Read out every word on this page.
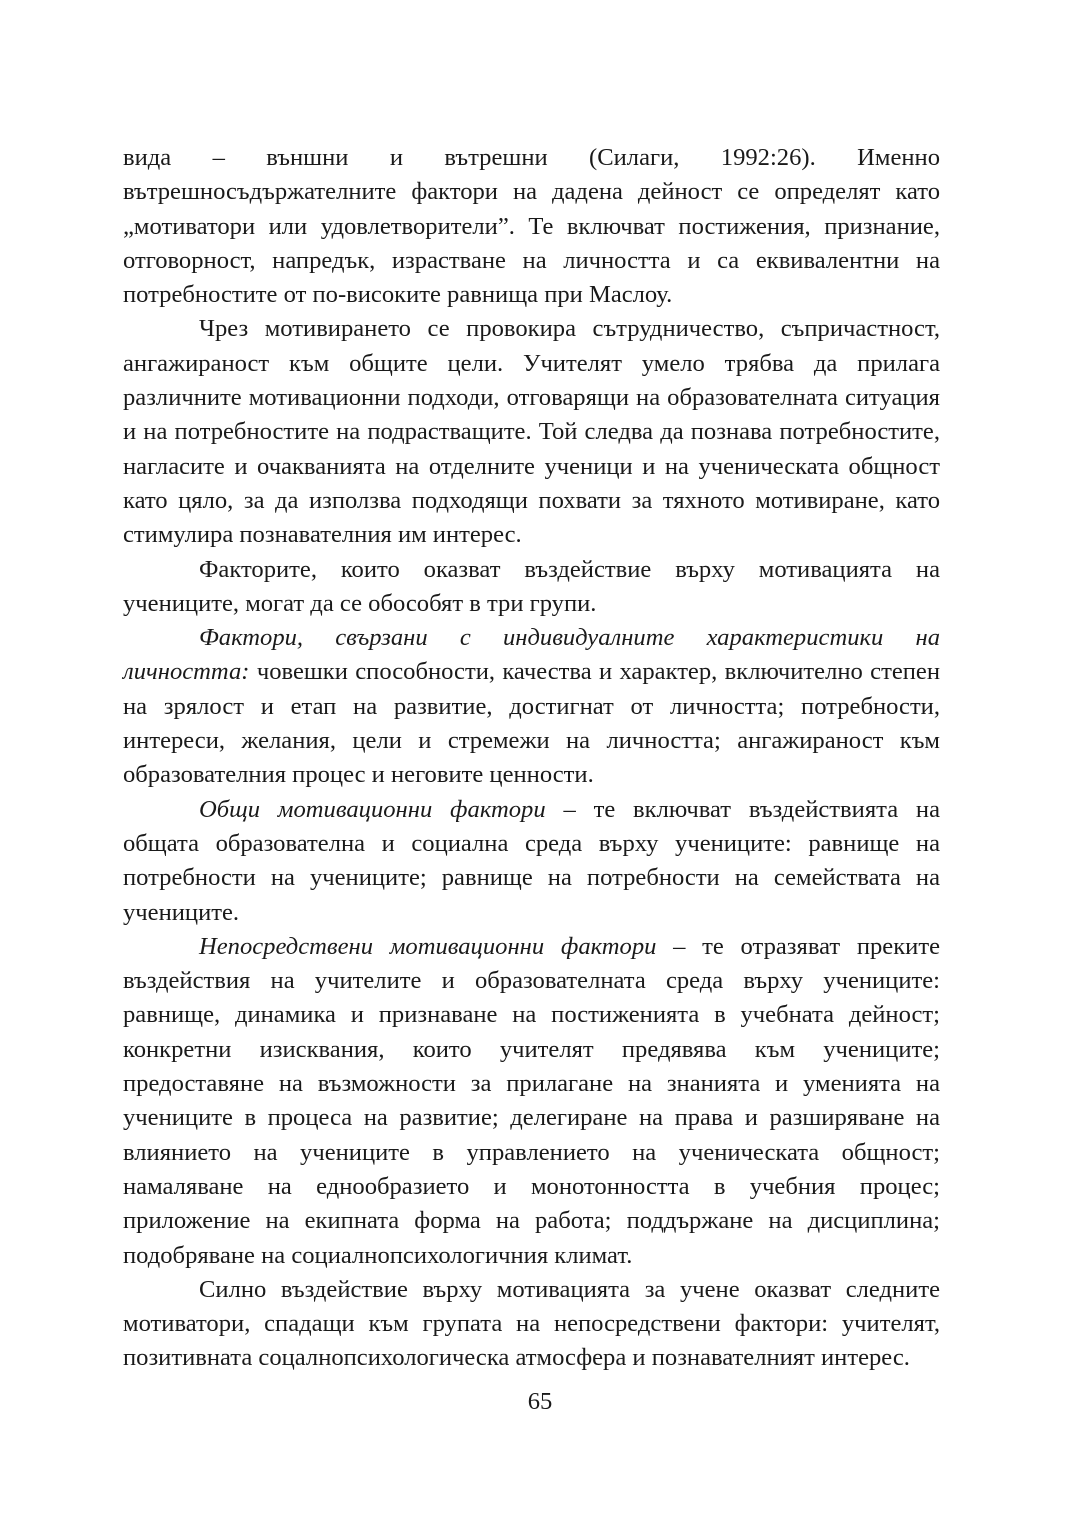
вида – външни и вътрешни (Силаги, 1992:26). Именно вътрешносъдържателните фактори на дадена дейност се определят като „мотиватори или удовлетворители”. Те включват постижения, признание, отговорност, напредък, израстване на личността и са еквивалентни на потребностите от по-високите равнища при Маслоу.

Чрез мотивирането се провокира сътрудничество, съпричастност, ангажираност към общите цели. Учителят умело трябва да прилага различните мотивационни подходи, отговарящи на образователната ситуация и на потребностите на подрастващите. Той следва да познава потребностите, нагласите и очакванията на отделните ученици и на ученическата общност като цяло, за да използва подходящи похвати за тяхното мотивиране, като стимулира познавателния им интерес.

Факторите, които оказват въздействие върху мотивацията на учениците, могат да се обособят в три групи.

Фактори, свързани с индивидуалните характеристики на личността: човешки способности, качества и характер, включително степен на зрялост и етап на развитие, достигнат от личността; потребности, интереси, желания, цели и стремежи на личността; ангажираност към образователния процес и неговите ценности.

Общи мотивационни фактори – те включват въздействията на общата образователна и социална среда върху учениците: равнище на потребности на учениците; равнище на потребности на семействата на учениците.

Непосредствени мотивационни фактори – те отразяват преките въздействия на учителите и образователната среда върху учениците: равнище, динамика и признаване на постиженията в учебната дейност; конкретни изисквания, които учителят предявява към учениците; предоставяне на възможности за прилагане на знанията и уменията на учениците в процеса на развитие; делегиране на права и разширяване на влиянието на учениците в управлението на ученическата общност; намаляване на еднообразието и монотонността в учебния процес; приложение на екипната форма на работа; поддържане на дисциплина; подобряване на социалнопсихологичния климат.

Силно въздействие върху мотивацията за учене оказват следните мотиватори, спадащи към групата на непосредствени фактори: учителят, позитивната соцалнопсихологическа атмосфера и познавателният интерес.

65
